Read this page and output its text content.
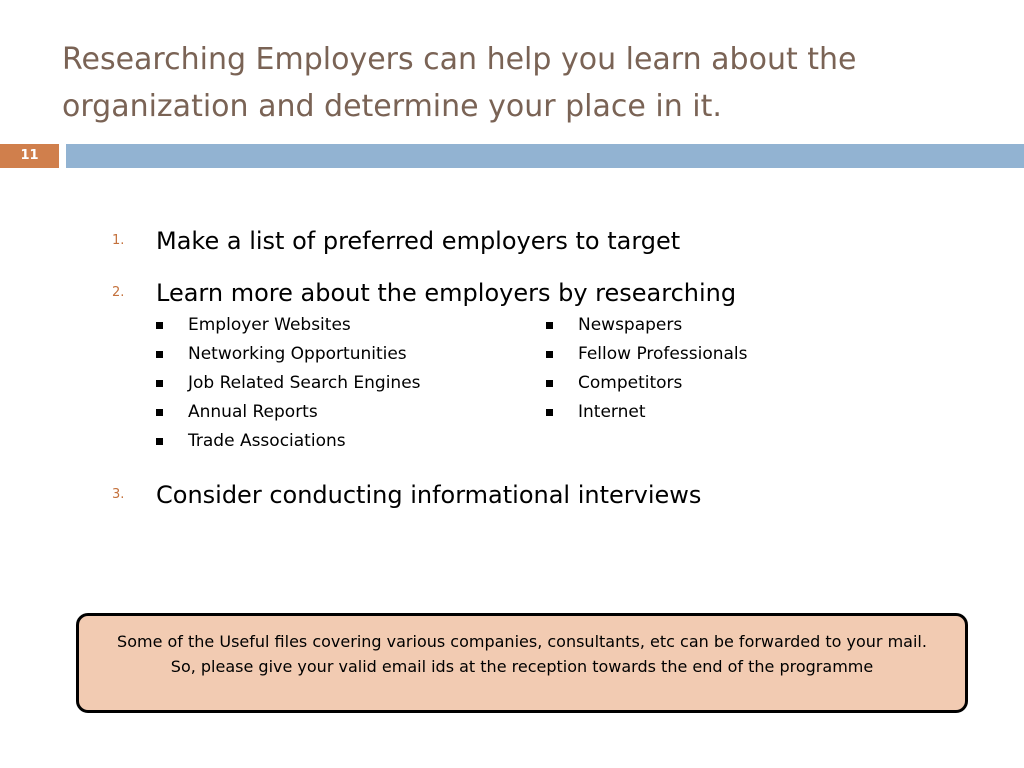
Researching Employers can help you learn about the organization and determine your place in it.
11
1.	Make a list of preferred employers to target
2.	Learn more about the employers by researching
Employer Websites
Networking Opportunities
Job Related Search Engines
Annual Reports
Trade Associations
Newspapers
Fellow Professionals
Competitors
Internet
3.	Consider conducting informational interviews
Some of the Useful files covering various companies, consultants, etc can be forwarded to your mail. So, please give your valid email ids at the reception towards the end of the programme
